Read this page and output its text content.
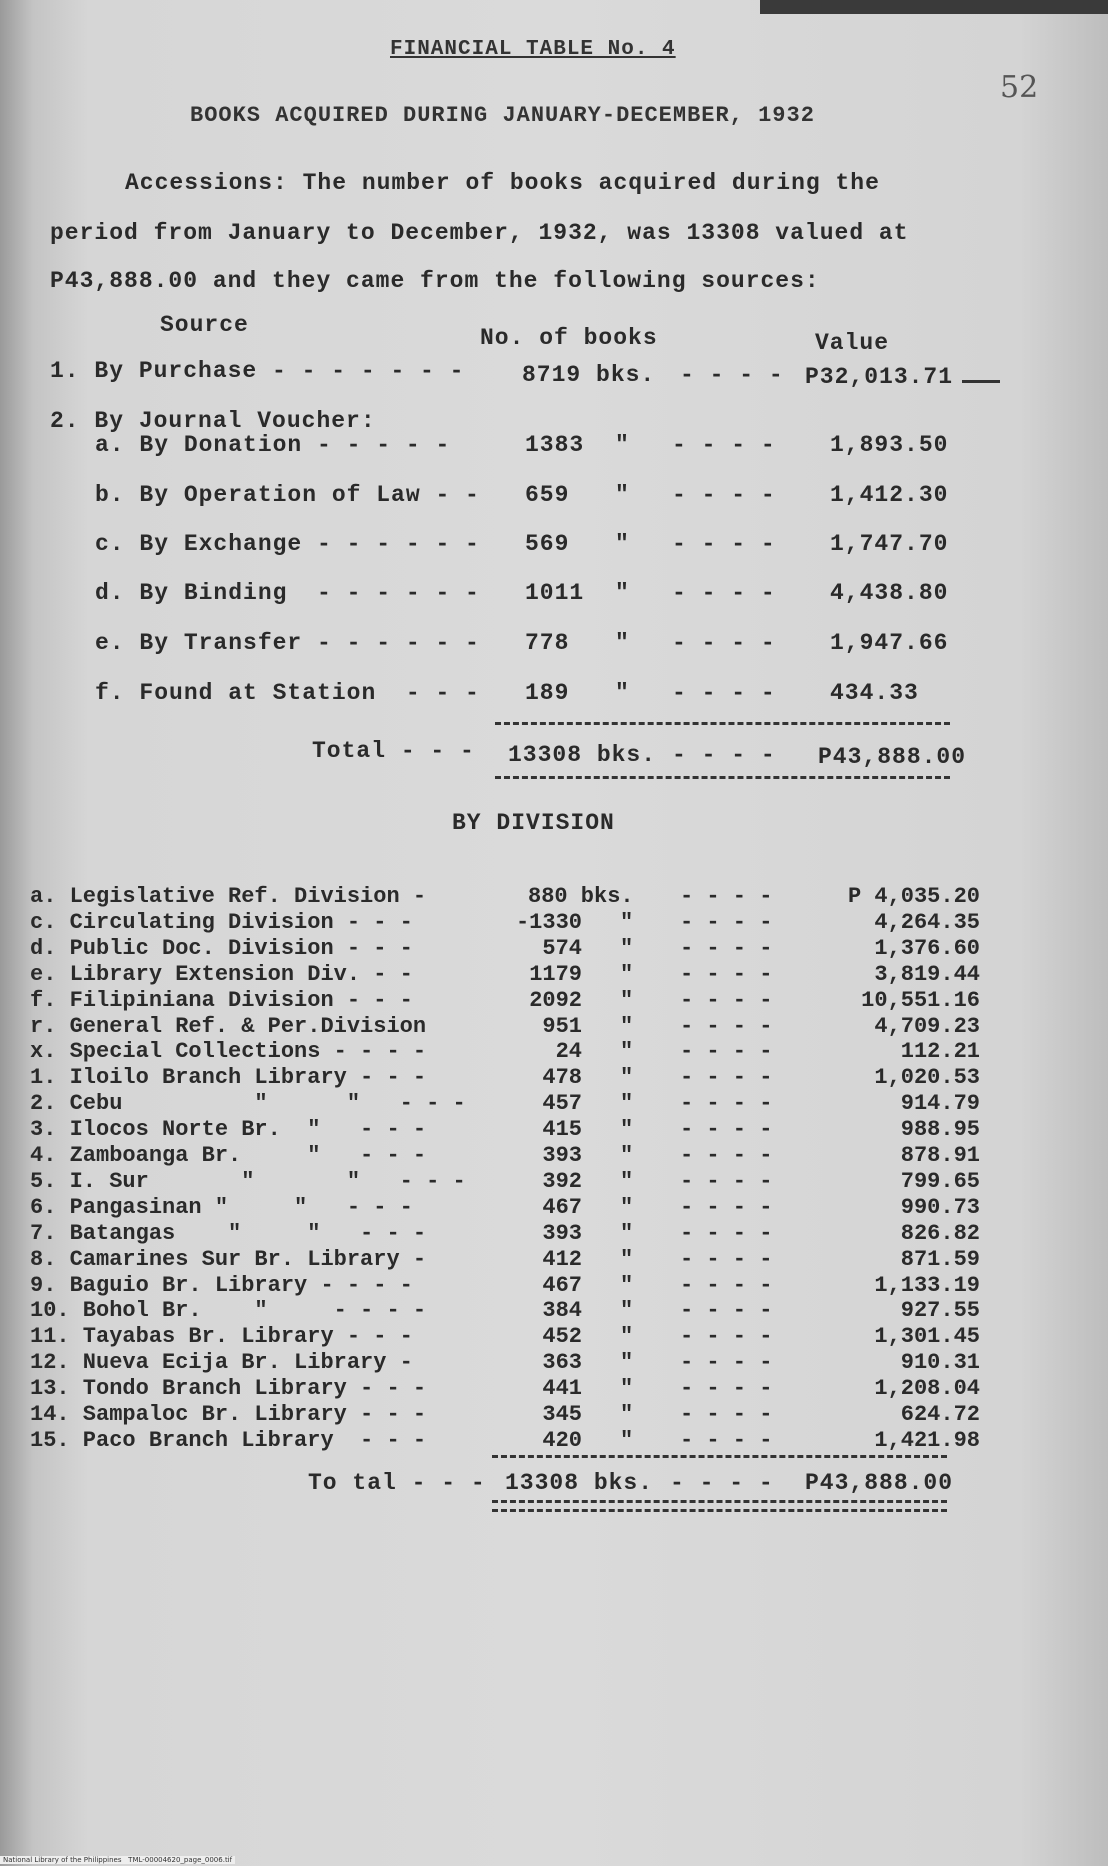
FINANCIAL TABLE No. 4
52
BOOKS ACQUIRED DURING JANUARY-DECEMBER, 1932
Accessions: The number of books acquired during the
period from January to December, 1932, was 13308 valued at
P43,888.00 and they came from the following sources:
Source	No. of books	Value
1. By Purchase - - - - - - -	8719 bks. - - - - P32,013.71
2. By Journal Voucher:
a. By Donation - - - - -	1383 " - - - - 1,893.50
b. By Operation of Law - - 659 " - - - - 1,412.30
c. By Exchange - - - - - - 569 " - - - - 1,747.70
d. By Binding  - - - - - - 1011 " - - - - 4,438.80
e. By Transfer - - - - - - 778 " - - - - 1,947.66
f. Found at Station  - - - 189 " - - - - 434.33
Total - - - 13308 bks. - - - - P43,888.00
BY DIVISION
a. Legislative Ref. Division -	880 bks. - - - -	P 4,035.20
c. Circulating Division - - -	-1330 " - - - -	4,264.35
d. Public Doc. Division - - -	574 " - - - -	1,376.60
e. Library Extension Div. - -	1179 " - - - -	3,819.44
f. Filipiniana Division - - -	2092 " - - - -	10,551.16
r. General Ref. & Per.Division	951 " - - - -	4,709.23
x. Special Collections - - - -	24 " - - - -	112.21
1. Iloilo Branch Library - - -	478 " - - - -	1,020.53
2. Cebu          "      "   - - -	457 " - - - -	914.79
3. Ilocos Norte Br.  "   - - -	415 " - - - -	988.95
4. Zamboanga Br.     "   - - -	393 " - - - -	878.91
5. I. Sur       "       "   - - -	392 " - - - -	799.65
6. Pangasinan "     "   - - -	467 " - - - -	990.73
7. Batangas    "     "   - - -	393 " - - - -	826.82
8. Camarines Sur Br. Library -	412 " - - - -	871.59
9. Baguio Br. Library - - - -	467 " - - - -	1,133.19
10. Bohol Br.    "     - - - -	384 " - - - -	927.55
11. Tayabas Br. Library - - -	452 " - - - -	1,301.45
12. Nueva Ecija Br. Library -	363 " - - - -	910.31
13. Tondo Branch Library - - -	441 " - - - -	1,208.04
14. Sampaloc Br. Library - - -	345 " - - - -	624.72
15. Paco Branch Library  - - -	420 " - - - -	1,421.98
To tal - - - 13308 bks. - - - - P43,888.00
National Library of the Philippines   TML-00004620_page_0006.tif
